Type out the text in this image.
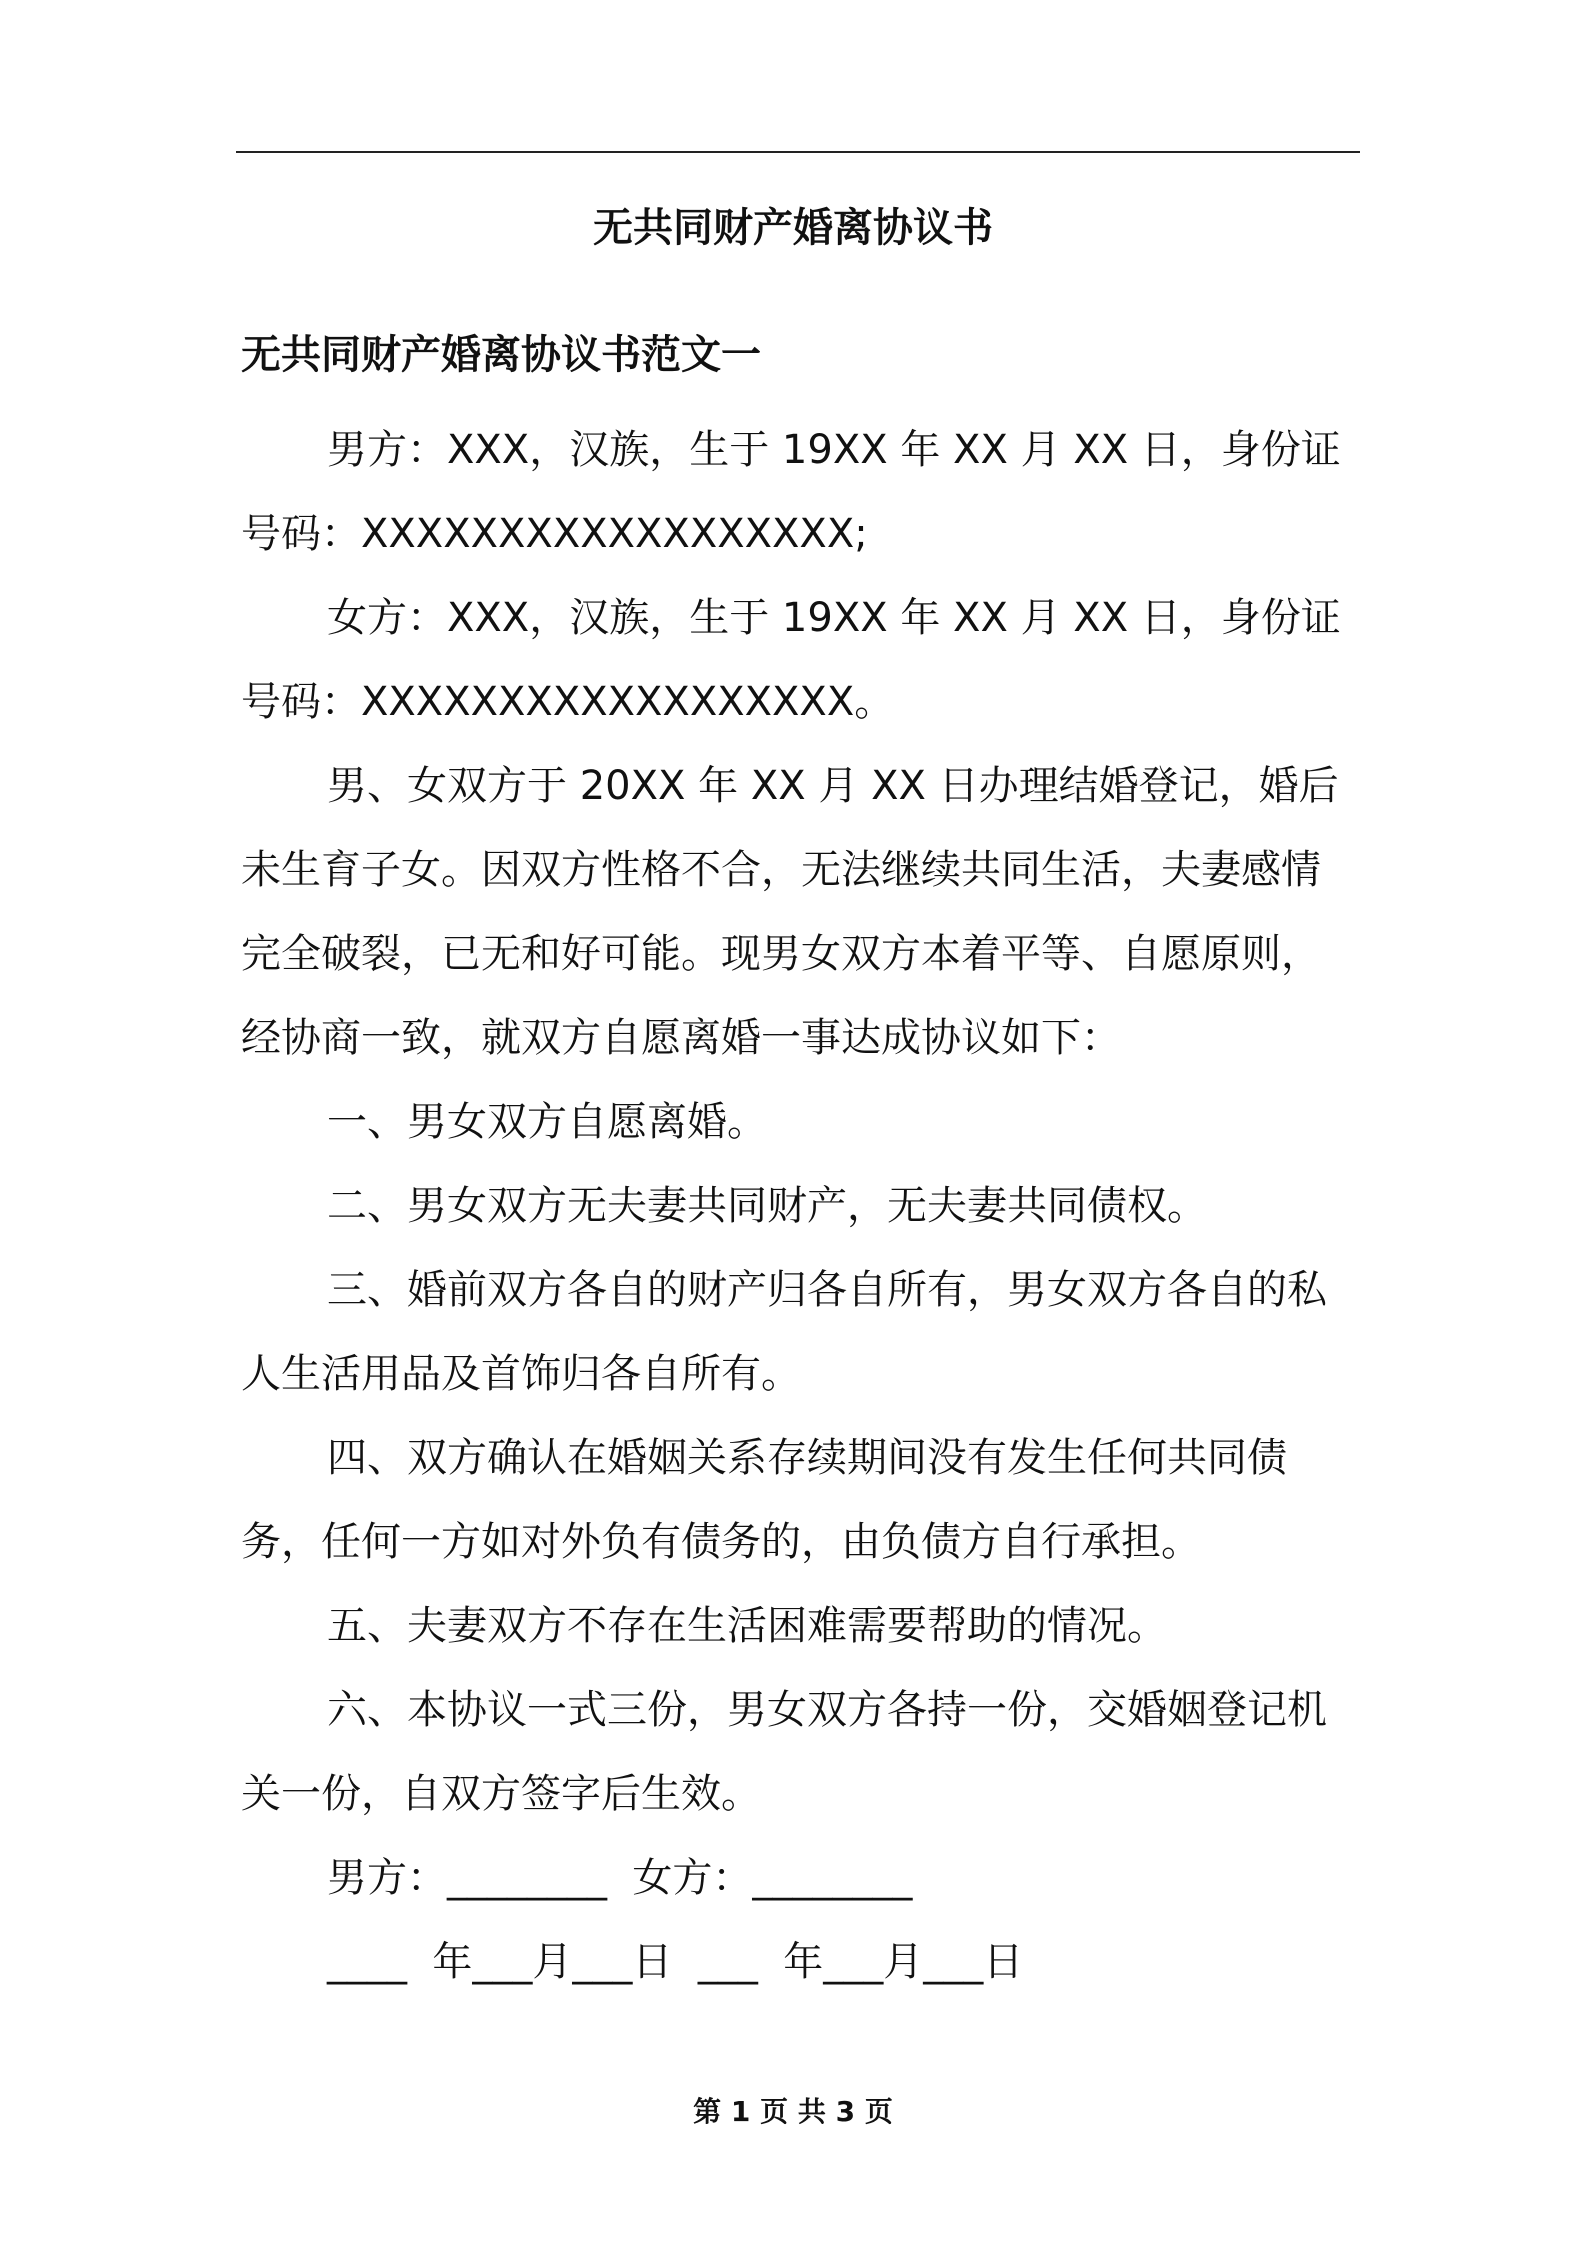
无共同财产婚离协议书
无共同财产婚离协议书范文一

男方：XXX，汉族，生于 19XX 年 XX 月 XX 日，身份证号码：XXXXXXXXXXXXXXXXXX;

女方：XXX，汉族，生于 19XX 年 XX 月 XX 日，身份证号码：XXXXXXXXXXXXXXXXXX。

男、女双方于 20XX 年 XX 月 XX 日办理结婚登记，婚后未生育子女。因双方性格不合，无法继续共同生活，夫妻感情完全破裂，已无和好可能。现男女双方本着平等、自愿原则，经协商一致，就双方自愿离婚一事达成协议如下：

一、男女双方自愿离婚。

二、男女双方无夫妻共同财产，无夫妻共同债权。

三、婚前双方各自的财产归各自所有，男女双方各自的私人生活用品及首饰归各自所有。

四、双方确认在婚姻关系存续期间没有发生任何共同债务，任何一方如对外负有债务的，由负债方自行承担。

五、夫妻双方不存在生活困难需要帮助的情况。

六、本协议一式三份，男女双方各持一份，交婚姻登记机关一份，自双方签字后生效。

男方：________  女方：________

____  年___月___日  ___  年___月___日

第 1 页 共 3 页
